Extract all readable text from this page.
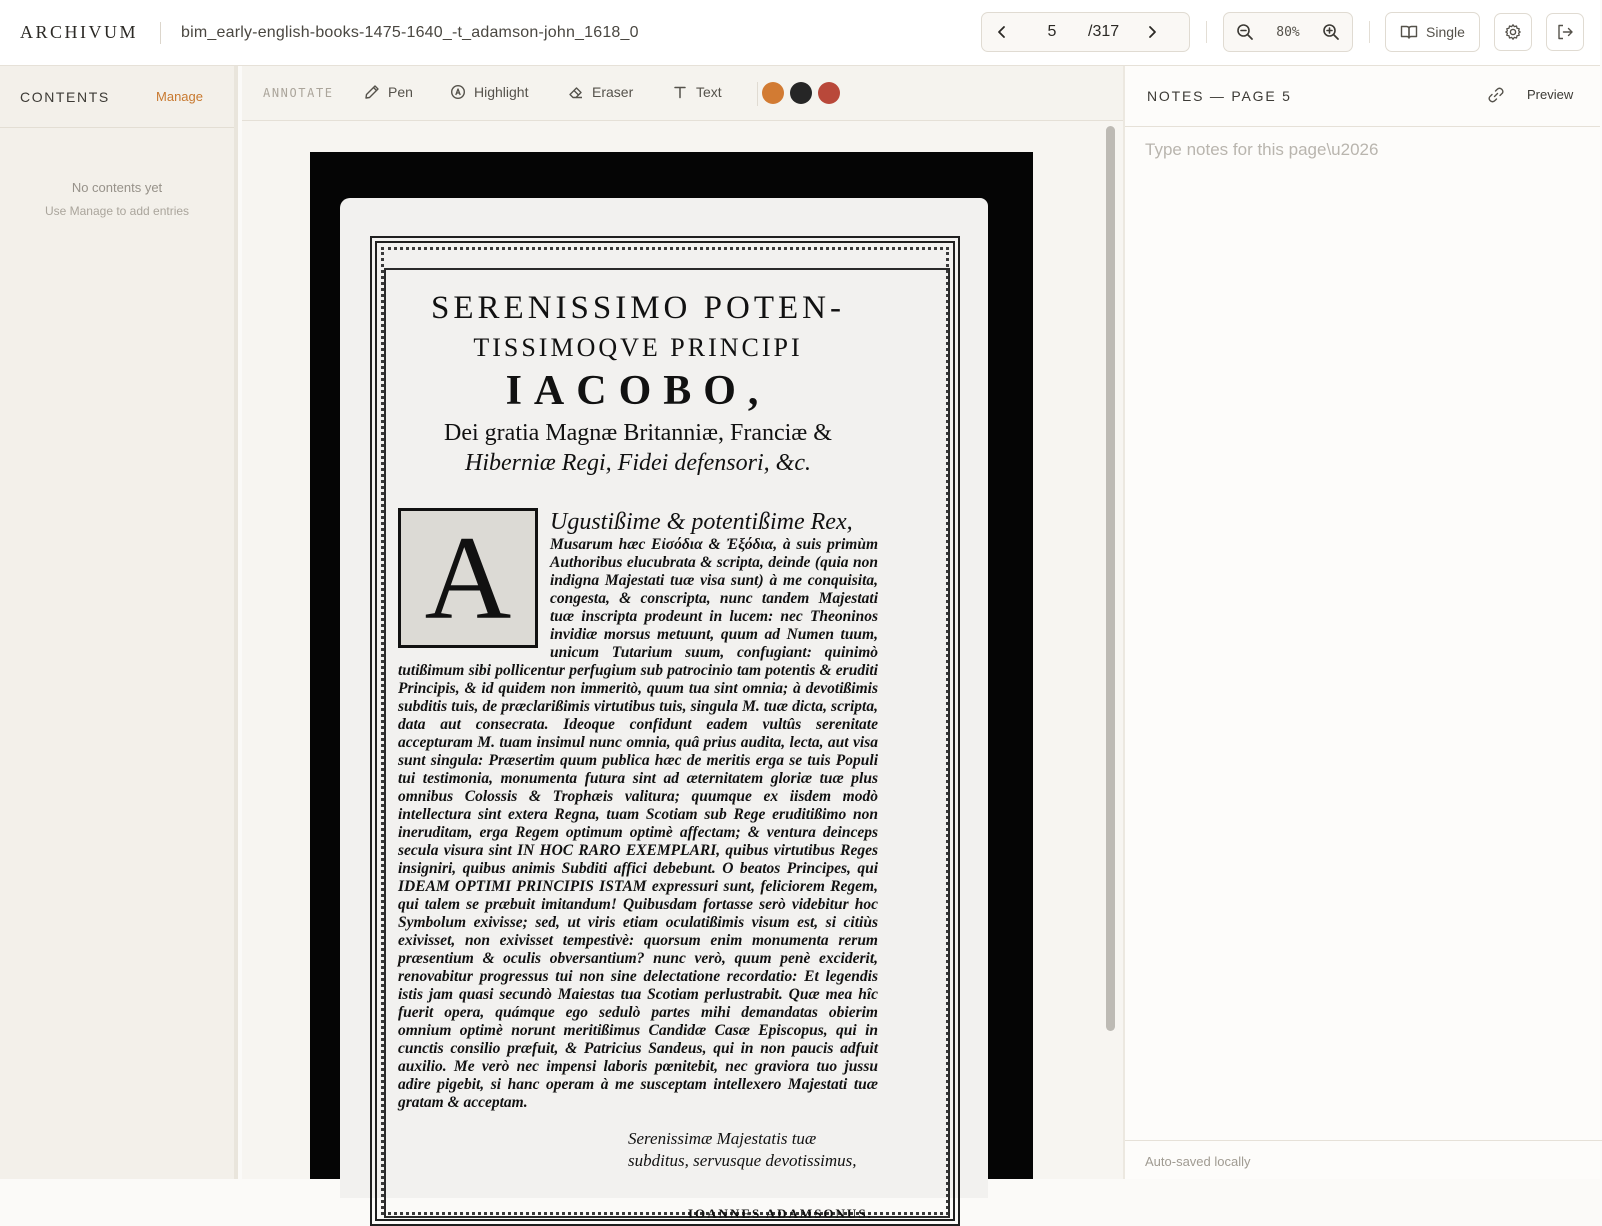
ARCHIVUM	bim_early-english-books-1475-1640_-t_adamson-john_1618_0	5	/317	80%	Single
CONTENTS	Manage
No contents yet
Use Manage to add entries
ANNOTATE	Pen	Highlight	Eraser	Text
SERENISSIMO POTEN-
TISSIMOQVE PRINCIPI
IACOBO,
Dei gratia Magnæ Britanniæ, Franciæ &
Hiberniæ Regi, Fidei defensori, &c.
A	Ugustißime & potentißime Rex,
Musarum hæc Εἰσόδια & Ἐξόδια, à suis primùm Authoribus elucubrata & scripta, deinde (quia non indigna Majestati tuæ visa sunt) à me conquisita, congesta, & conscripta, nunc tandem Majestati tuæ inscripta prodeunt in lucem: nec Theoninos invidiæ morsus metuunt, quum ad Numen tuum, unicum Tutarium suum, confugiant: quinimò tutißimum sibi pollicentur perfugium sub patrocinio tam potentis & eruditi Principis, & id quidem non immeritò, quum tua sint omnia; à devotißimis subditis tuis, de præclarißimis virtutibus tuis, singula M. tuæ dicta, scripta, data aut consecrata. Ideoque confidunt eadem vultûs serenitate accepturam M. tuam insimul nunc omnia, quâ prius audita, lecta, aut visa sunt singula: Præsertim quum publica hæc de meritis erga se tuis Populi tui testimonia, monumenta futura sint ad æternitatem gloriæ tuæ plus omnibus Colossis & Trophæis valitura; quumque ex iisdem modò intellectura sint extera Regna, tuam Scotiam sub Rege eruditißimo non ineruditam, erga Regem optimum optimè affectam; & ventura deinceps secula visura sint IN HOC RARO EXEMPLARI, quibus virtutibus Reges insigniri, quibus animis Subditi affici debebunt. O beatos Principes, qui IDEAM OPTIMI PRINCIPIS ISTAM expressuri sunt, feliciorem Regem, qui talem se præbuit imitandum! Quibusdam fortasse serò videbitur hoc Symbolum exivisse; sed, ut viris etiam oculatißimis visum est, si citiùs exivisset, non exivisset tempestivè: quorsum enim monumenta rerum præsentium & oculis obversantium? nunc verò, quum penè exciderit, renovabitur progressus tui non sine delectatione recordatio: Et legendis istis jam quasi secundò Maiestas tua Scotiam perlustrabit. Quæ mea hîc fuerit opera, quámque ego sedulò partes mihi demandatas obierim omnium optimè norunt meritißimus Candidæ Casæ Episcopus, qui in cunctis consilio præfuit, & Patricius Sandeus, qui in non paucis adfuit auxilio. Me verò nec impensi laboris pœnitebit, nec graviora tuo jussu adire pigebit, si hanc operam à me susceptam intellexero Majestati tuæ gratam & acceptam.
Serenissimæ Majestatis tuæ subditus, servusque devotissimus,
IOANNES ADAMSONUS.
NOTES — PAGE 5	Preview
Type notes for this page\u2026
Auto-saved locally
